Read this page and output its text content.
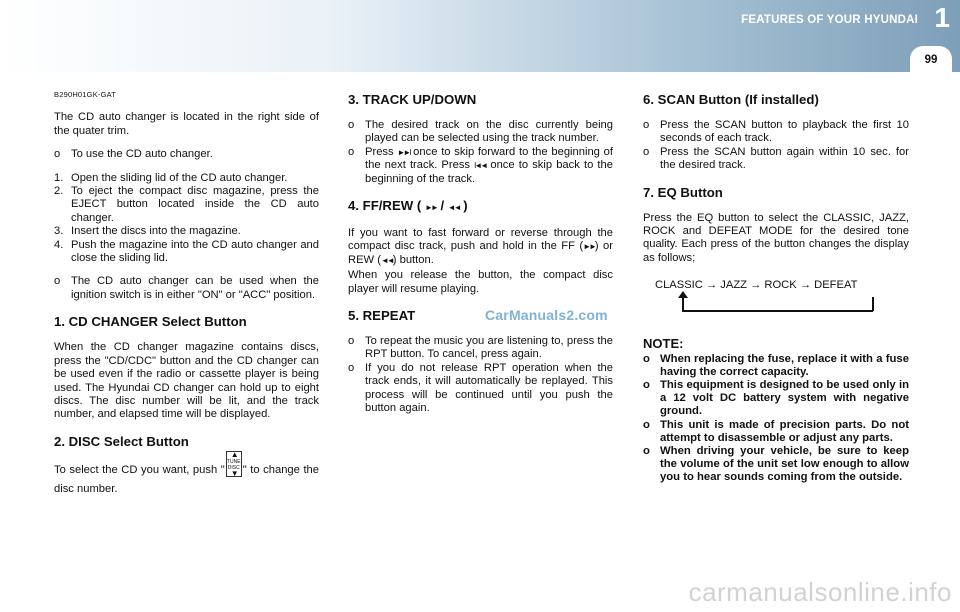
FEATURES OF YOUR HYUNDAI 1
99
B290H01GK-GAT

The CD auto changer is located in the right side of the quater trim.

o To use the CD auto changer.
1. Open the sliding lid of the CD auto changer.
2. To eject the compact disc magazine, press the EJECT button located inside the CD auto changer.
3. Insert the discs into the magazine.
4. Push the magazine into the CD auto changer and close the sliding lid.
o The CD auto changer can be used when the ignition switch is in either "ON" or "ACC" position.
1. CD CHANGER Select Button

When the CD changer magazine contains discs, press the "CD/CDC" button and the CD changer can be used even if the radio or cassette player is being used. The Hyundai CD changer can hold up to eight discs. The disc number will be lit, and the track number, and elapsed time will be displayed.

2. DISC Select Button

To select the CD you want, push "▲
TUNE
DISC
▼ " to change the disc number.

3. TRACK UP/DOWN
o The desired track on the disc currently being played can be selected using the track number.
o Press ►►I once to skip forward to the beginning of the next track. Press I◄◄ once to skip back to the beginning of the track.
4. FF/REW ( ►► / ◄◄ )

If you want to fast forward or reverse through the compact disc track, push and hold in the FF (►►) or REW (◄◄) button.

When you release the button, the compact disc player will resume playing.

5. REPEAT
o To repeat the music you are listening to, press the RPT button. To cancel, press again.
o If you do not release RPT operation when the track ends, it will automatically be replayed. This process will be continued until you push the button again.
6. SCAN Button (If installed)
o Press the SCAN button to playback the first 10 seconds of each track.
o Press the SCAN button again within 10 sec. for the desired track.
7. EQ Button

Press the EQ button to select the CLASSIC, JAZZ, ROCK and DEFEAT MODE for the desired tone quality. Each press of the button changes the display as follows;

CLASSIC → JAZZ → ROCK → DEFEAT
NOTE:
o When replacing the fuse, replace it with a fuse having the correct capacity.
o This equipment is designed to be used only in a 12 volt DC battery system with negative ground.
o This unit is made of precision parts. Do not attempt to disassemble or adjust any parts.
o When driving your vehicle, be sure to keep the volume of the unit set low enough to allow you to hear sounds coming from the outside.
CarManuals2.com
carmanualsonline.info
